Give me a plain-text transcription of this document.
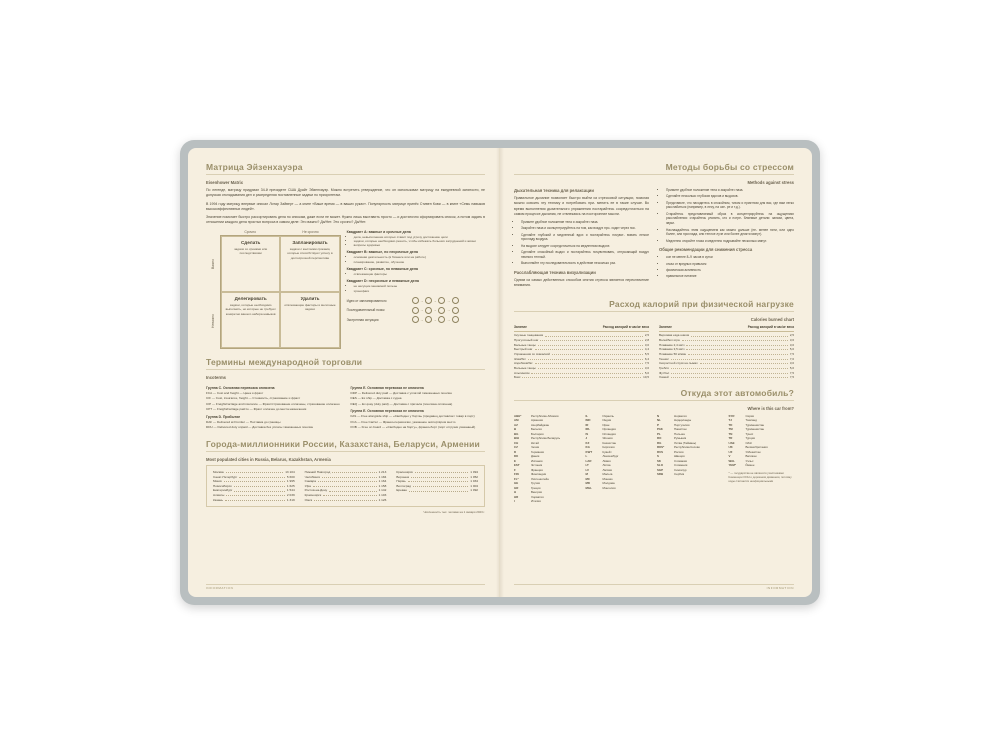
Матрица Эйзенхауэра
Eisenhower Matrix

По легенде, матрицу придумал 34-й президент США Дуайт Эйзенхауэр. Можно встретить утверждение, что он использовал матрицу на ежедневной занятости, не допуская откладывания дел и распределяя поставленные задачи по приоритетам.

В 1994 году матрицу впервые описал Лотар Зайверт — а книге «Ваше время — в ваших руках». Популярность матрице принёс Стивен Кови — в книге «Семь навыков высокоэффективных людей».

Значение помогает быстро рассортировать дела по спискам, даже если не может. Нужно лишь выставить просто — и достаточно сформировать список, а потом задать в отношении каждого дела простых вопроса в самом деле: Это важно? Да/Нет. Это срочно? Да/Нет.

Срочно	Не срочно
Важно
Неважно
Сделать
задачи со сроками или последствиями
Запланировать
задачи с жесткими сроками, которые способствуют успеху в долгосрочной перспективе
Делегировать
задачи, которые необходимо выполнить, но которые не требуют конкретно вашего набора навыков
Удалить
отвлекающие факторы и мелочные задачи
Квадрант А: важные и срочные дела
• дела, невыполнение которых ставит под угрозу достижение цели
• задачи, которые необходимо решить, чтобы избежать больших затруднений и жизни
• вопросы здоровья
Квадрант B: важные, но несрочные дела
• основная деятельность (в бизнесе или на работе)
• планирование, развитие, обучение
Квадрант C: срочные, но неважные дела
• отвлекающие факторы
Квадрант D: несрочные и неважные дела
• не несущие меняемой пользы
• хронофаги
Идеи от запланированного	→	→	→
Последовательный поиск	→	→	→
Экстренная ситуация	→	→	→
Термины международной торговли
Incoterms
Группа C. Основная перевозка оплачена
FCA — Cost and freight — Цена и фрахт
CIF — Cost, insurance, freight — Стоимость, страхование и фрахт
CIP — Freight/carriage and insurance — Фрахт/страхование оплачены, страхование оплачено
CPT — Freight/carriage paid to — Фрахт оплачен до места назначения
Группа D. Прибытие
DAF — Delivered at Frontier — Поставка до границы
DDU — Delivered duty unpaid — Доставка без уплаты таможенных пошлин
Группа E. Основная перевозка не оплачена
DDP — Delivered duty paid — Доставка с уплатой таможенных пошлин
DES — Ex ship — Доставка с судна
DEQ — Ex quay (duty paid) — Доставка с причала (пошлина оплачена)
Группа E. Основная перевозка не оплачена
FAS — Free alongside ship — «Свободно у борта» (продавец доставляет товар в порт)
FCA — Free Carrier — Франко-перевозчик, указанное экспортёром место
FOB — Free on board — «Свободно на борту», франко-борт (порт отгрузки указанный)
Города-миллионники России, Казахстана, Беларуси, Армении
Most populated cities in Russia, Belarus, Kazakhstan, Armenia
Москва	13 104
Санкт-Петербург	5 600
Минск	1 995
Новосибирск	1 625
Екатеринбург	1 544
Алматы	2 039
Казань	1 319
Нижний Новгород	1 213
Челябинск	1 184
Самара	1 164
Уфа	1 158
Ростов-на-Дону	1 142
Красноярск	1 103
Омск	1 126
Красноярск	1 094
Воронеж	1 052
Пермь	1 034
Волгоград	1 004
Ереван	1 092
Численность тыс. человек на 1 января 2023 г.
INFORMATION
Методы борьбы со стрессом
Methods against stress
Дыхательная техника для релаксации

Правильное дыхание позволяет быстро выйти из стрессовой ситуации, помогая можно освоить эту технику и потребовать при- менить ее в такие случае. Во время выполнения дыхательного упражнения постарайтесь сосредоточиться на самом процессе дыхания, не отвлекаясь на посторонние мысли.

• Примите удобное положение тела и закройте глаза.
• Закройте глаза и сконцентрируйтесь на том, как воздух про- ходит через нос.
• Сделайте глубокий и медленный вдох и постарайтесь почувст- вовать легкое прохладу воздуха.
• На выдохе следует сосредоточиться на медленном выдохе.
• Сделайте спокойный выдох и постарайтесь почувствовать, отпускающий воздух немного теплый.
• Выполняйте эту последовательность в действие несколько раз.
Расслабляющая техника визуализации

Одним из самых действенных способов снятия стресса является переключение внимания.

• Примите удобное положение тела и закройте глаза.
• Сделайте несколько глубоких вдохов и выдохов.
• Представьте, что находитесь в спокойном, тихом и приятном для вас, где вам легко расслабиться (например, в лесу, на озе- ре и т.д.).
• Старайтесь представляемый образ в концентрируйтесь на ощущениях расслабления: старайтесь уловить, кто и потре- бляемые детали: запахи, цвета, звуки.
• Наслаждайтесь этим ощущением как можно дольше (не- менее пяти, или одно более, или прохлада, или теплое луче или более десяти минут).
• Медленно откройте глаза и медленно подрывайте несколько минут.
Общие рекомендации для снижения стресса
• сон не менее 8–9 часов в сутки
• отказ от вредных привычек
• физическая активность
• правильное питание
Расход калорий при физической нагрузке
Calories burned chart
Занятие	Расход калорий в час/кг веса
Скучные танцевания	2,5
Прогулочный шаг	2,8
Бальные танцы	3,0
Быстрый шаг	4,4
Упражнения со скакалкой	5,5
Жим/бёг	6,4
Аэробика/бёг	7,5
Вольные танцы	3,0
Альпинизм	5,0
Бокс	10,5
Занятие	Расход калорий в час/кг веса
Верховая езда шагом	2,5
Волейбол игра	3,6
Плавание 2,4 км/ч	3,0
Плавание 3,5 км/ч	5,0
Плавание 50 м/мин	7,5
Теннис	7,0
Скоростной спуск на лыжах	3,0
Гребля	5,0
Футбол	7,5
Хоккей	7,5
Откуда этот автомобиль?
Where is this car from?
ABH*	Республика Абхазия
AM	Армения
AZ	Азербайджан
B	Бельгия
BG	Болгария
BIH	Республика Беларусь
CH	Китай
CZ	Чехия
D	Германия
DK	Дания
E	Испания
EST	Эстония
F	Франция
FIN	Финляндия
FL*	Лихтенштейн
GE	Грузия
GR	Греция
H	Венгрия
HR	Хорватия
I	Италия
IL	Израиль
IND	Индия
IR	Иран
IRL	Ирландия
IS	Исландия
J	Япония
KZ	Казахстан
KG	Киргизия
KWT	Кувейт
L	Люксембург
LAR	Ливия
LT	Литва
LV	Латвия
M	Мальта
MC	Монако
MD	Молдова
MGL	Монголия
N	Норвегия
NL	Нидерланды
P	Португалия
PAK	Пакистан
PL	Польша
RO	Румыния
RG	Литва (Таймань)
RKS*	Республика Косово
RUS	Россия
S	Швеция
SK	Словакия
SLO	Словения
SGP	Сингапур
SRB	Сербия
SYR	Сирия
TJ	Таиланд
TD	Туркменистан
TM	Туркменистан
TN	Тунис
TR	Турция
UAE	ОАЭ
UK	Великобритания
UZ	Узбекистан
V	Ватикан
WAL	Уэльс
YEM*	Йемен
* — государства не являются участниками Конвенции ООН о дорожном движении, поэтому коды считаются неофициальными
INFORMATION
